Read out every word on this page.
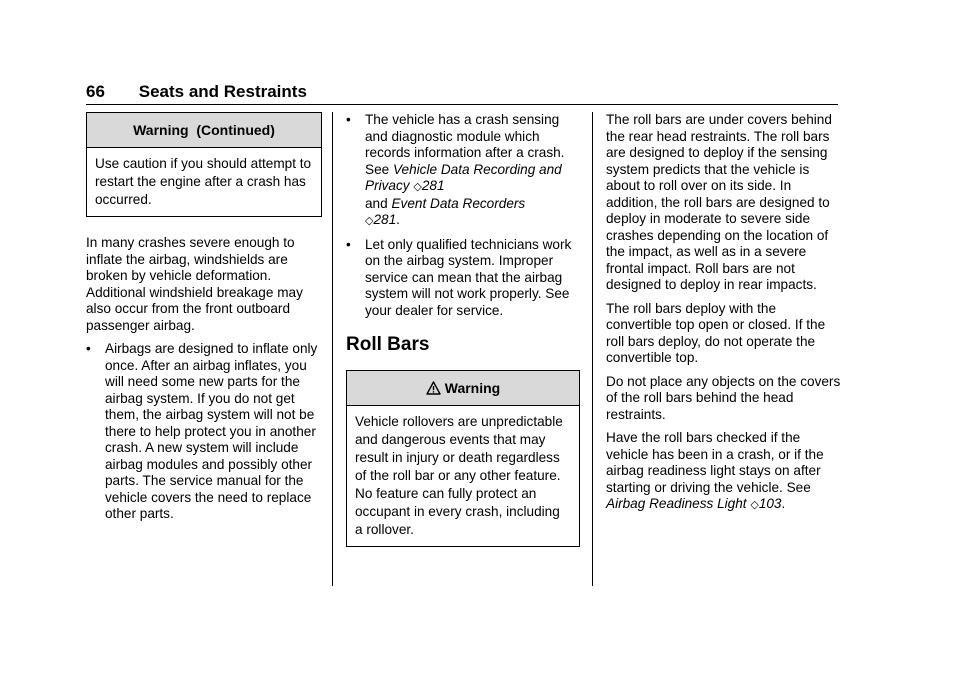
66 Seats and Restraints
Warning  (Continued)
Use caution if you should attempt to restart the engine after a crash has occurred.

In many crashes severe enough to inflate the airbag, windshields are broken by vehicle deformation. Additional windshield breakage may also occur from the front outboard passenger airbag.

• Airbags are designed to inflate only once. After an airbag inflates, you will need some new parts for the airbag system. If you do not get them, the airbag system will not be there to help protect you in another crash. A new system will include airbag modules and possibly other parts. The service manual for the vehicle covers the need to replace other parts.
• The vehicle has a crash sensing and diagnostic module which records information after a crash. See Vehicle Data Recording and Privacy ◇281
and Event Data Recorders
◇281.
• Let only qualified technicians work on the airbag system. Improper service can mean that the airbag system will not work properly. See your dealer for service.
Roll Bars
Warning
Vehicle rollovers are unpredictable and dangerous events that may result in injury or death regardless of the roll bar or any other feature. No feature can fully protect an occupant in every crash, including a rollover.

The roll bars are under covers behind the rear head restraints. The roll bars are designed to deploy if the sensing system predicts that the vehicle is about to roll over on its side. In addition, the roll bars are designed to deploy in moderate to severe side crashes depending on the location of the impact, as well as in a severe frontal impact. Roll bars are not designed to deploy in rear impacts.

The roll bars deploy with the convertible top open or closed. If the roll bars deploy, do not operate the convertible top.

Do not place any objects on the covers of the roll bars behind the head restraints.

Have the roll bars checked if the vehicle has been in a crash, or if the airbag readiness light stays on after starting or driving the vehicle. See
Airbag Readiness Light ◇103.
